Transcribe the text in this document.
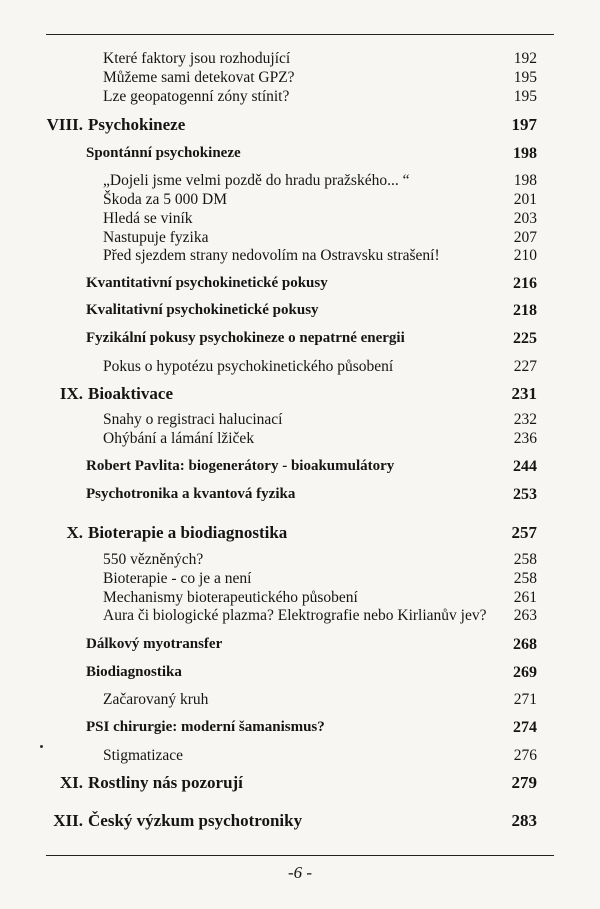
Které faktory jsou rozhodující	192
Můžeme sami detekovat GPZ?	195
Lze geopatogenní zóny stínit?	195
VIII. Psychokineze	197
Spontánní psychokineze	198
„Dojeli jsme velmi pozdě do hradu pražského... “	198
Škoda za 5 000 DM	201
Hledá se viník	203
Nastupuje fyzika	207
Před sjezdem strany nedovolím na Ostravsku strašení!	210
Kvantitativní psychokinetické pokusy	216
Kvalitativní psychokinetické pokusy	218
Fyzikální pokusy psychokineze o nepatrné energii	225
Pokus o hypotézu psychokinetického působení	227
IX. Bioaktivace	231
Snahy o registraci halucinací	232
Ohýbání a lámání lžiček	236
Robert Pavlita: biogenerátory - bioakumulátory	244
Psychotronika a kvantová fyzika	253
X. Bioterapie a biodiagnostika	257
550 vězněných?	258
Bioterapie - co je a není	258
Mechanismy bioterapeutického působení	261
Aura či biologické plazma? Elektrografie nebo Kirlianův jev? 263
Dálkový myotransfer	268
Biodiagnostika	269
Začarovaný kruh	271
PSI chirurgie: moderní šamanismus?	274
Stigmatizace	276
XI. Rostliny nás pozorují	279
XII. Český výzkum psychotroniky	283
-6 -
